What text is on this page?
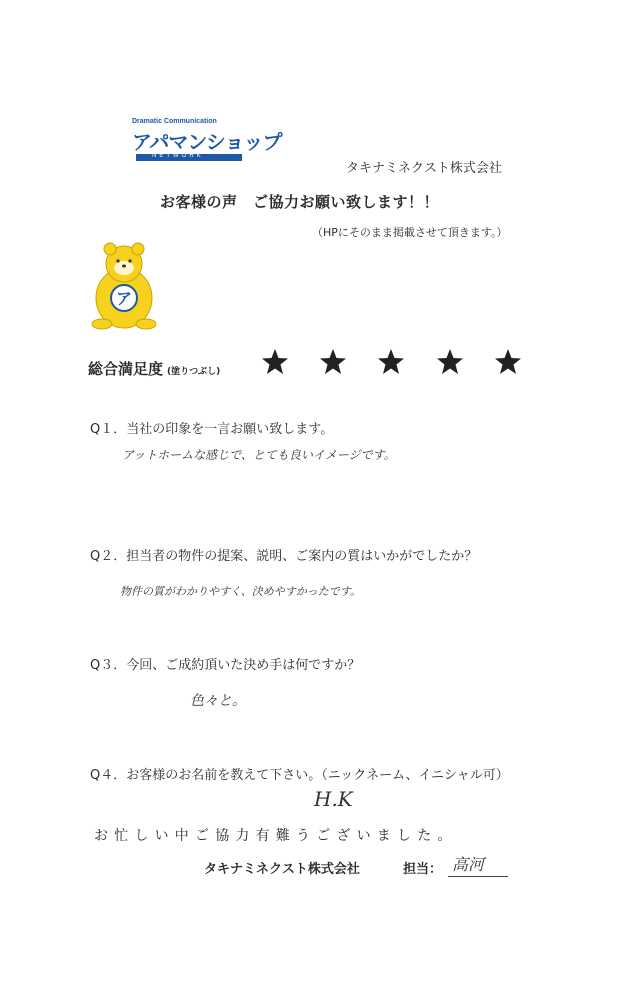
Dramatic Communication
アパマンショップ
NETWORK
タキナミネクスト株式会社
お客様の声　ご協力お願い致します！！
（HPにそのまま掲載させて頂きます。）
ア
総合満足度 (塗りつぶし)
Q１．当社の印象を一言お願い致します。
アットホームな感じで、とても良いイメージです。
Q２．担当者の物件の提案、説明、ご案内の質はいかがでしたか？
物件の質がわかりやすく、決めやすかったです。
Q３．今回、ご成約頂いた決め手は何ですか？
色々と。
Q４．お客様のお名前を教えて下さい。（ニックネーム、イニシャル可）
H.K
お忙しい中ご協力有難うございました。
タキナミネクスト株式会社	担当： 高河
